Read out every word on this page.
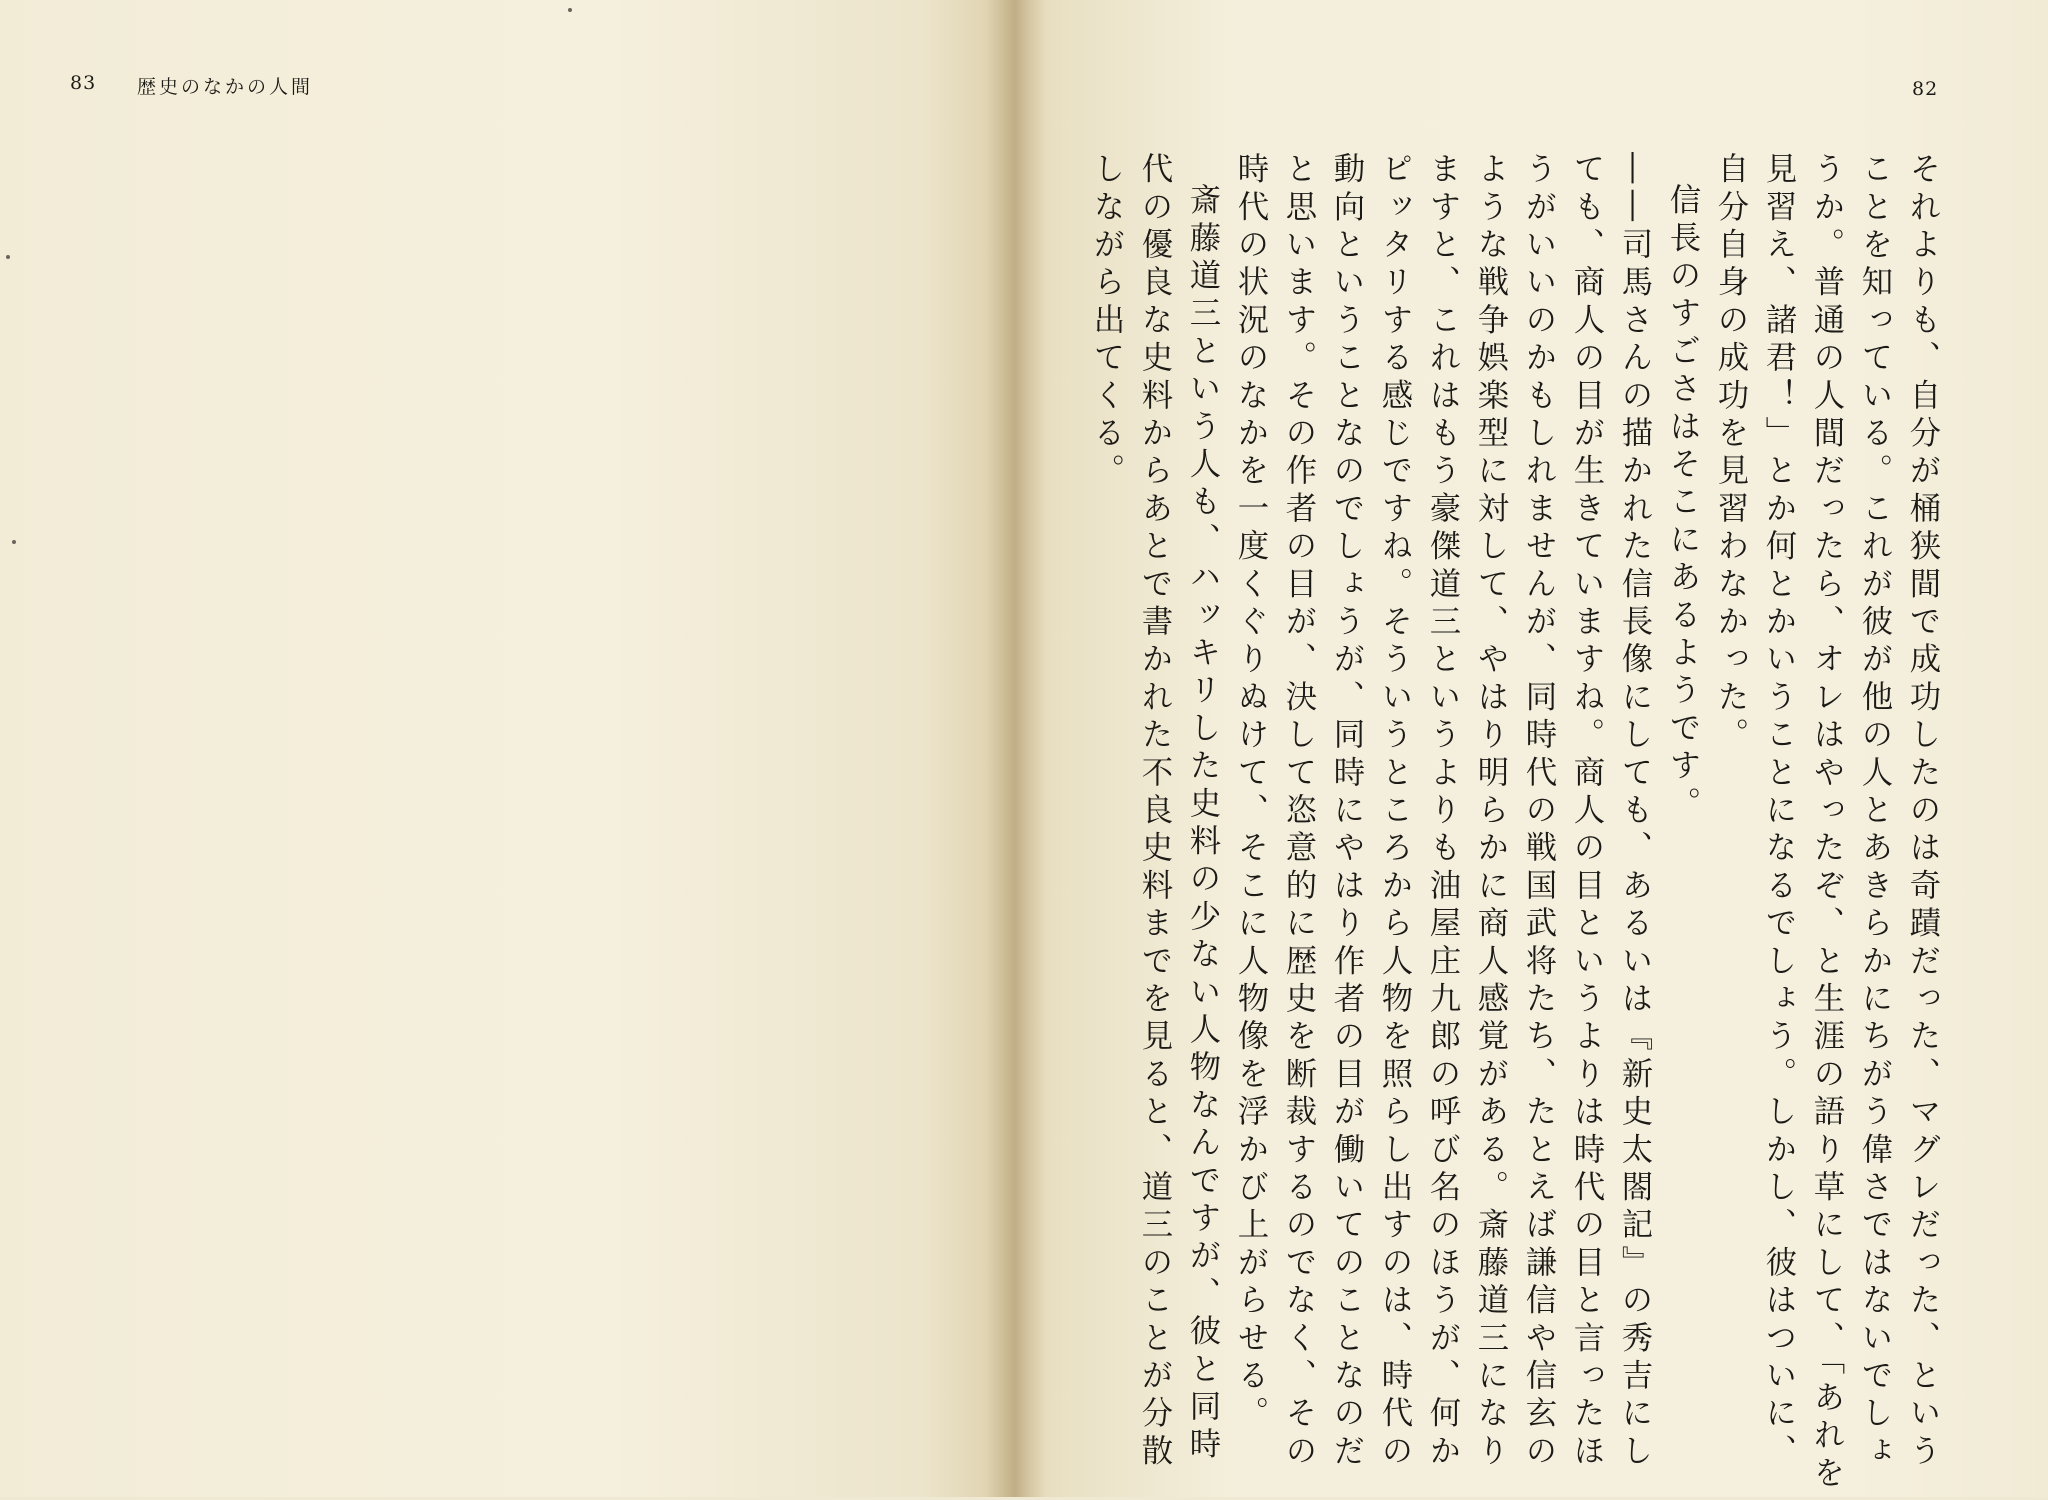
83 歴史のなかの人間	82

それよりも、自分が桶狭間で成功したのは奇蹟だった、マグレだった、ということを知っている。これが彼が他の人とあきらかにちがう偉さではないでしょうか。普通の人間だったら、オレはやったぞ、と生涯の語り草にして、「あれを見習え、諸君！」とか何とかいうことになるでしょう。しかし、彼はついに、自分自身の成功を見習わなかった。

信長のすごさはそこにあるようです。

――司馬さんの描かれた信長像にしても、あるいは『新史太閤記』の秀吉にしても、商人の目が生きていますね。商人の目というよりは時代の目と言ったほうがいいのかもしれませんが、同時代の戦国武将たち、たとえば謙信や信玄のような戦争娯楽型に対して、やはり明らかに商人感覚がある。斎藤道三になりますと、これはもう豪傑道三というよりも油屋庄九郎の呼び名のほうが、何かピッタリする感じですね。そういうところから人物を照らし出すのは、時代の動向ということなのでしょうが、同時にやはり作者の目が働いてのことなのだと思います。その作者の目が、決して恣意的に歴史を断裁するのでなく、その時代の状況のなかを一度くぐりぬけて、そこに人物像を浮かび上がらせる。

斎藤道三という人も、ハッキリした史料の少ない人物なんですが、彼と同時代の優良な史料からあとで書かれた不良史料までを見ると、道三のことが分散しながら出てくる。
